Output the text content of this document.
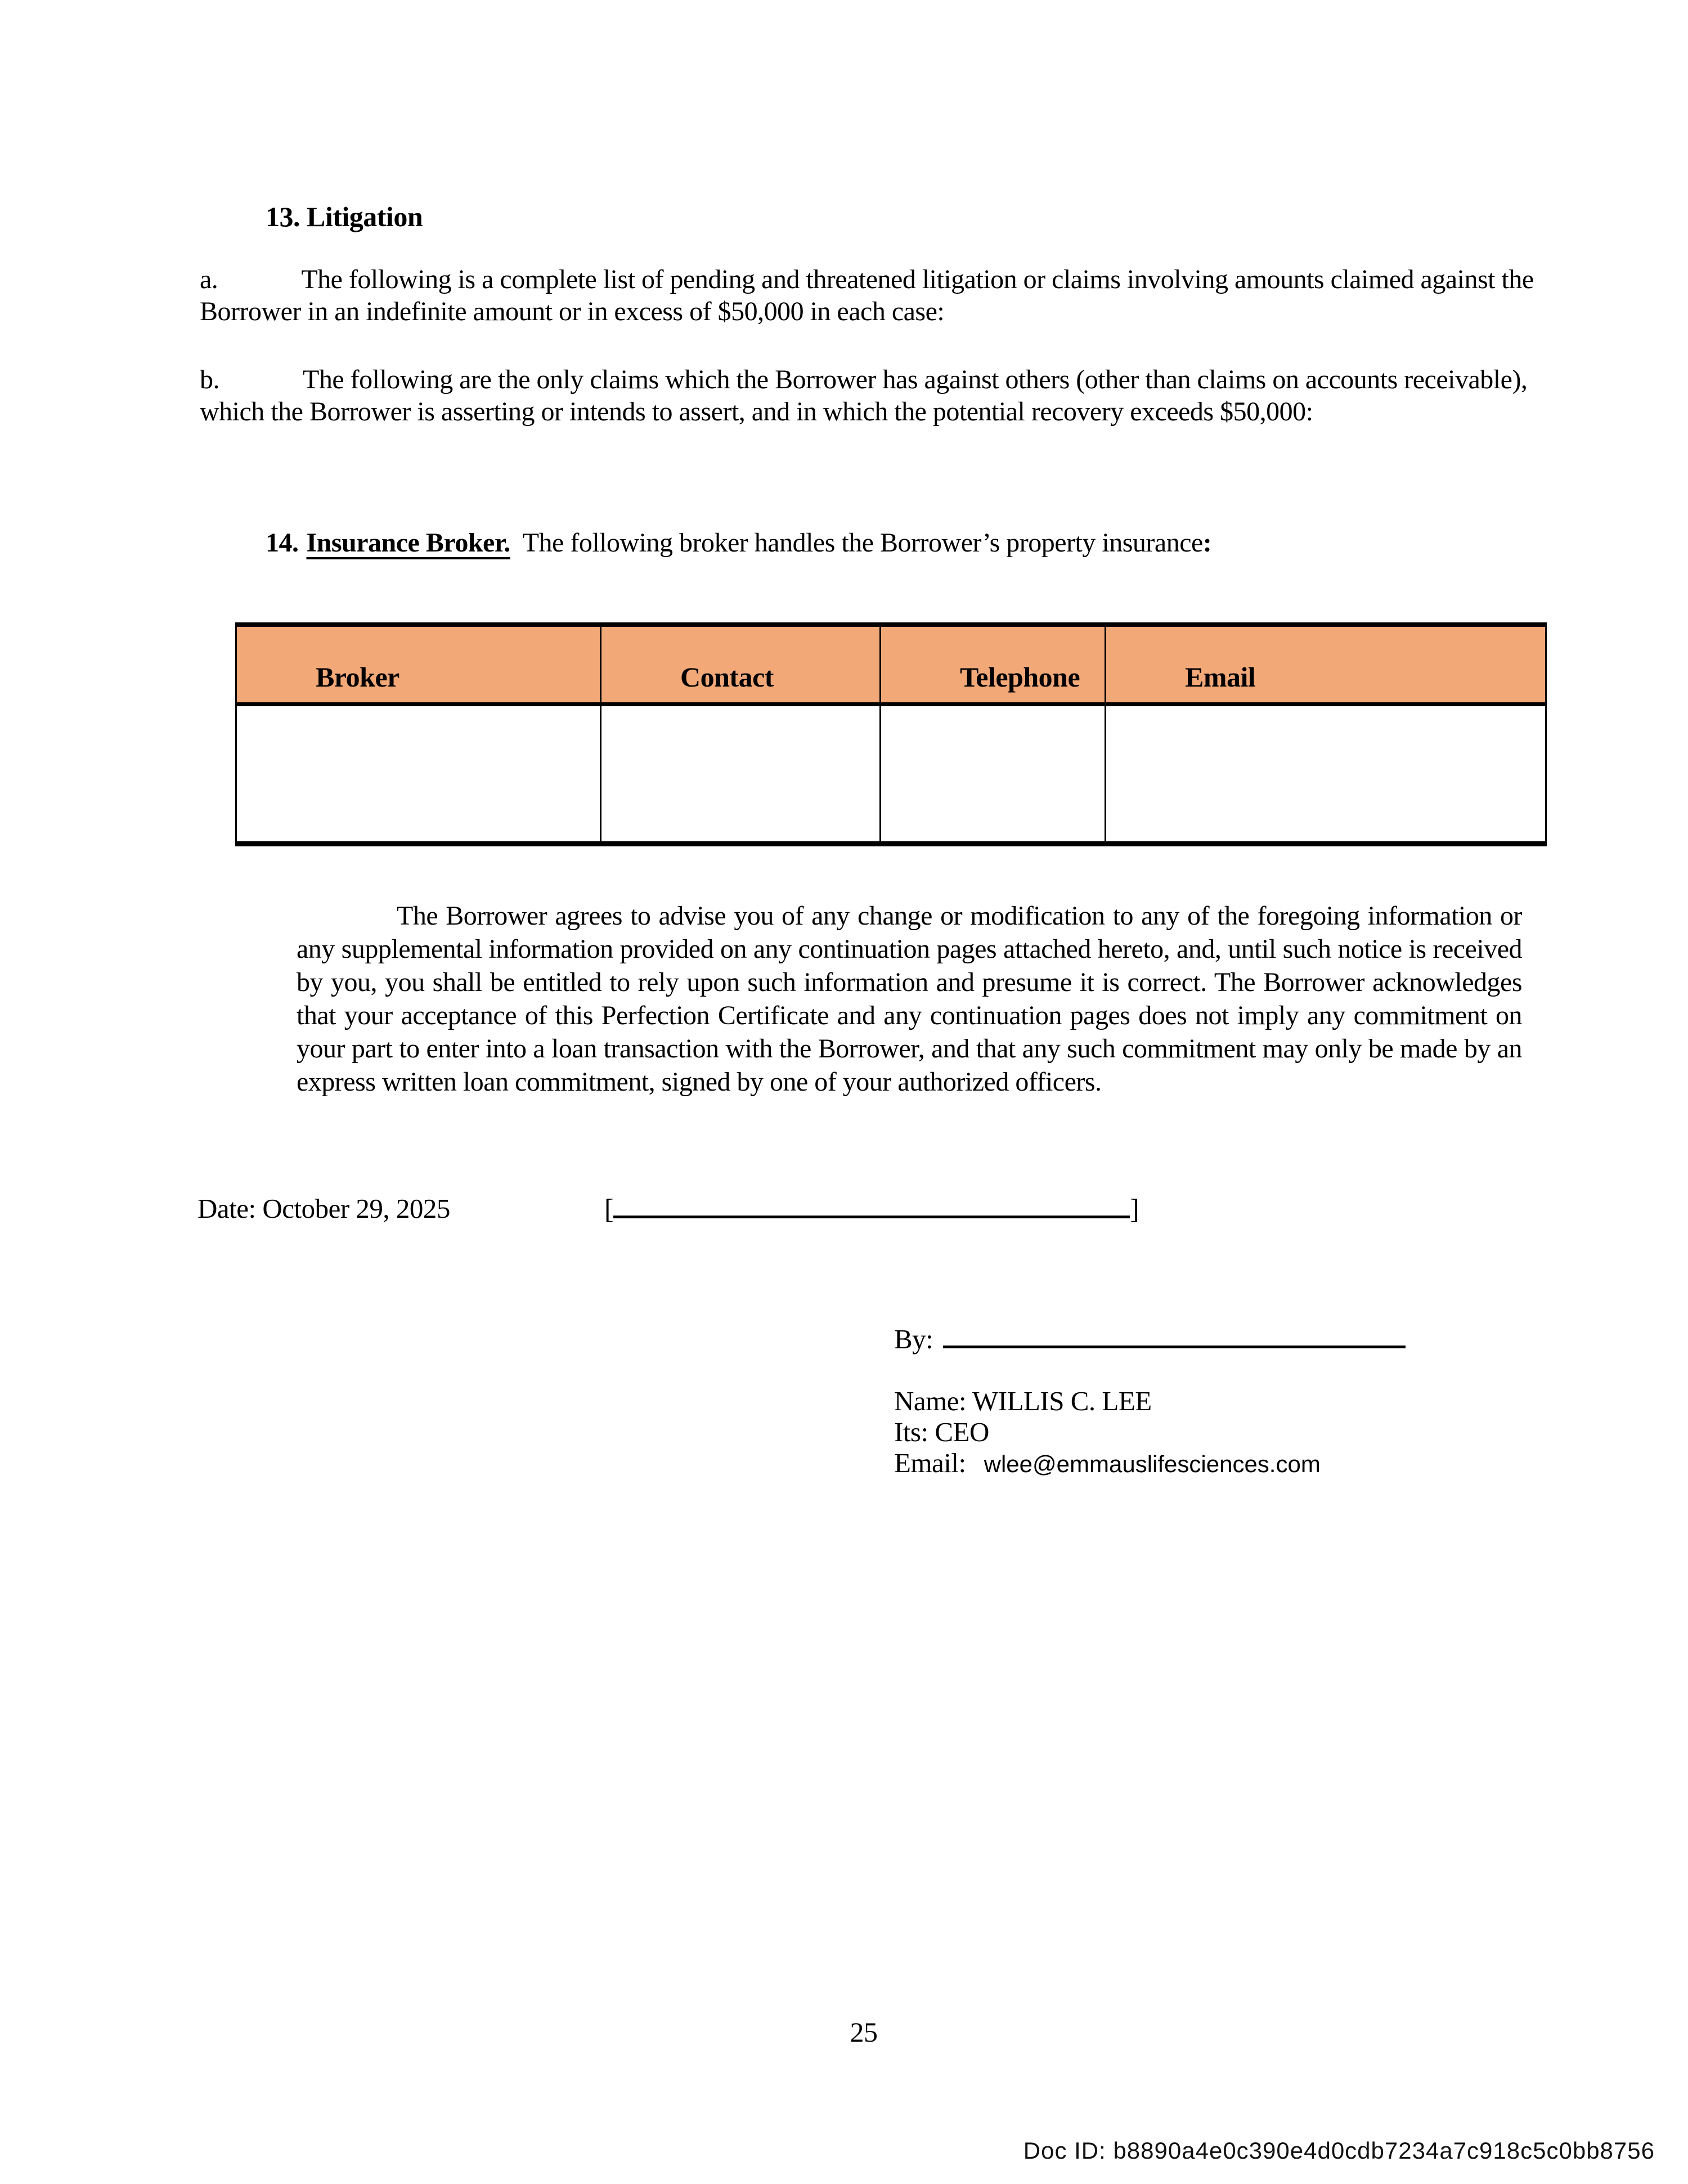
13. Litigation
a.	The following is a complete list of pending and threatened litigation or claims involving amounts claimed against the Borrower in an indefinite amount or in excess of $50,000 in each case:
b.	The following are the only claims which the Borrower has against others (other than claims on accounts receivable), which the Borrower is asserting or intends to assert, and in which the potential recovery exceeds $50,000:
14. Insurance Broker. The following broker handles the Borrower’s property insurance:
Broker	Contact	Telephone	Email

The Borrower agrees to advise you of any change or modification to any of the foregoing information or any supplemental information provided on any continuation pages attached hereto, and, until such notice is received by you, you shall be entitled to rely upon such information and presume it is correct. The Borrower acknowledges that your acceptance of this Perfection Certificate and any continuation pages does not imply any commitment on your part to enter into a loan transaction with the Borrower, and that any such commitment may only be made by an express written loan commitment, signed by one of your authorized officers.
Date: October 29, 2025	[	]
By:
Name: WILLIS C. LEE
Its: CEO
Email: wlee@emmauslifesciences.com
25
Doc ID: b8890a4e0c390e4d0cdb7234a7c918c5c0bb8756
